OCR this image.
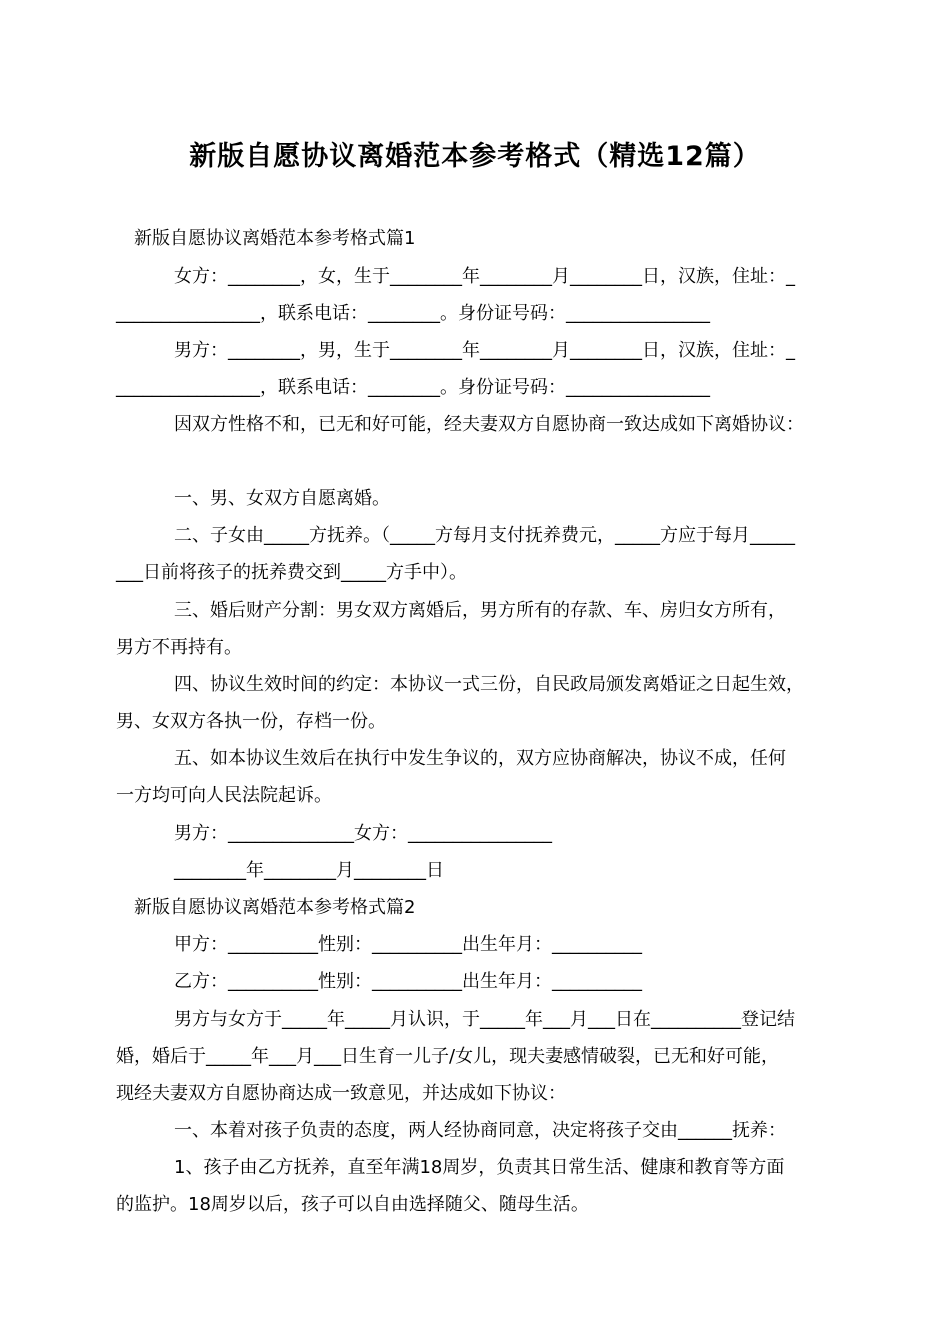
新版自愿协议离婚范本参考格式（精选12篇）
新版自愿协议离婚范本参考格式篇1
女方：________，女，生于________年________月________日，汉族，住址：_
________________，联系电话：________。身份证号码：________________
男方：________，男，生于________年________月________日，汉族，住址：_
________________，联系电话：________。身份证号码：________________
因双方性格不和，已无和好可能，经夫妻双方自愿协商一致达成如下离婚协议：
一、男、女双方自愿离婚。
二、子女由_____方抚养。（_____方每月支付抚养费元，_____方应于每月_____
___日前将孩子的抚养费交到_____方手中）。
三、婚后财产分割：男女双方离婚后，男方所有的存款、车、房归女方所有，
男方不再持有。
四、协议生效时间的约定：本协议一式三份，自民政局颁发离婚证之日起生效，
男、女双方各执一份，存档一份。
五、如本协议生效后在执行中发生争议的，双方应协商解决，协议不成，任何
一方均可向人民法院起诉。
男方：______________女方：________________
________年________月________日
新版自愿协议离婚范本参考格式篇2
甲方：__________性别：__________出生年月：__________
乙方：__________性别：__________出生年月：__________
男方与女方于_____年_____月认识，于_____年___月___日在__________登记结
婚，婚后于_____年___月___日生育一儿子/女儿，现夫妻感情破裂，已无和好可能，
现经夫妻双方自愿协商达成一致意见，并达成如下协议：
一、本着对孩子负责的态度，两人经协商同意，决定将孩子交由______抚养：
1、孩子由乙方抚养，直至年满18周岁，负责其日常生活、健康和教育等方面
的监护。18周岁以后，孩子可以自由选择随父、随母生活。
